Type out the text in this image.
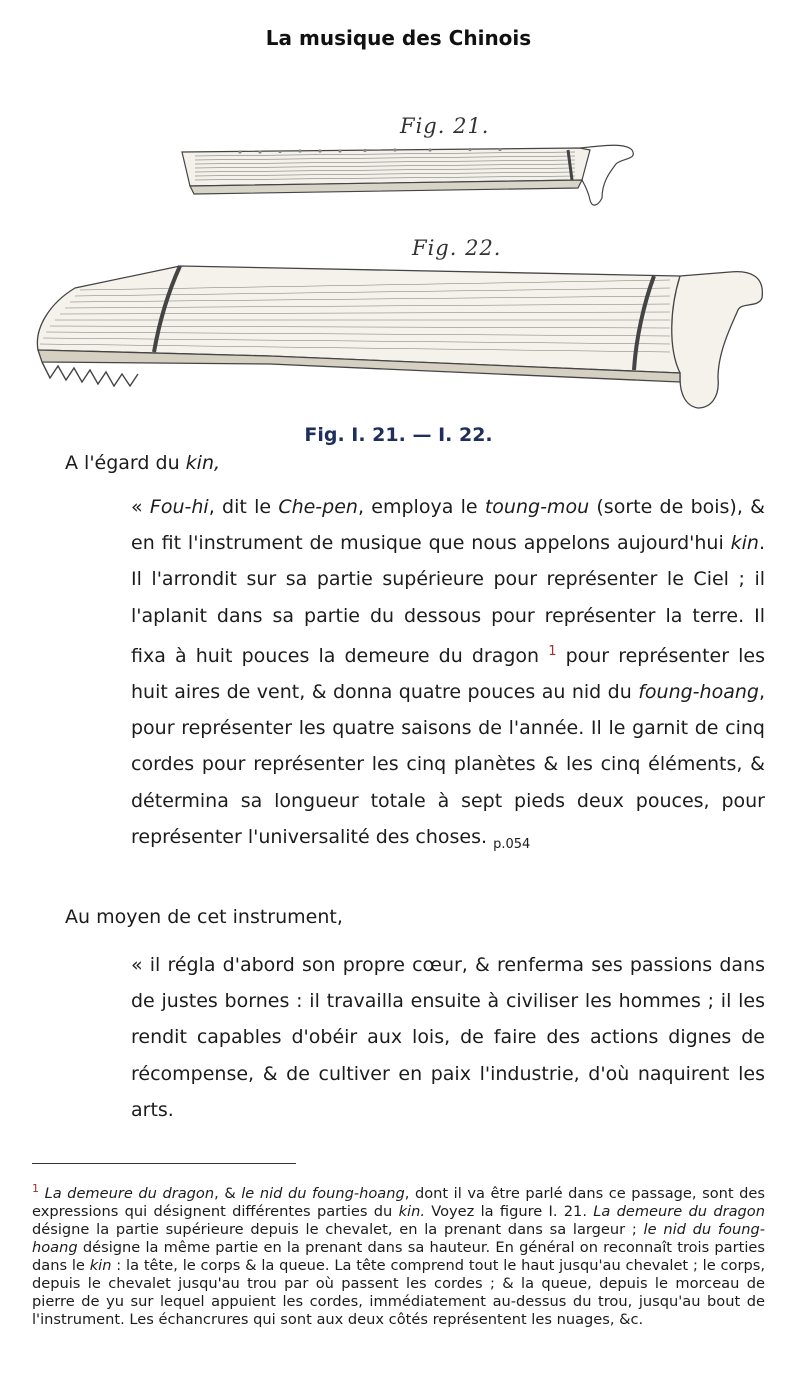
La musique des Chinois
Fig. 21.
Fig. 22.
Fig. I. 21. — I. 22.
A l'égard du kin,
« Fou-hi, dit le Che-pen, employa le toung-mou (sorte de bois), & en fit l'instrument de musique que nous appelons aujourd'hui kin. Il l'arrondit sur sa partie supérieure pour représenter le Ciel ; il l'aplanit dans sa partie du dessous pour représenter la terre. Il fixa à huit pouces la demeure du dragon $^1$ pour représenter les huit aires de vent, & donna quatre pouces au nid du foung-hoang, pour représenter les quatre saisons de l'année. Il le garnit de cinq cordes pour représenter les cinq planètes & les cinq éléments, & détermina sa longueur totale à sept pieds deux pouces, pour représenter l'universalité des choses. $_{p.054}$
Au moyen de cet instrument,
« il régla d'abord son propre cœur, & renferma ses passions dans de justes bornes : il travailla ensuite à civiliser les hommes ; il les rendit capables d'obéir aux lois, de faire des actions dignes de récompense, & de cultiver en paix l'industrie, d'où naquirent les arts.
$^1$ La demeure du dragon, & le nid du foung-hoang, dont il va être parlé dans ce passage, sont des expressions qui désignent différentes parties du kin. Voyez la figure I. 21. La demeure du dragon désigne la partie supérieure depuis le chevalet, en la prenant dans sa largeur ; le nid du foung-hoang désigne la même partie en la prenant dans sa hauteur. En général on reconnaît trois parties dans le kin : la tête, le corps & la queue. La tête comprend tout le haut jusqu'au chevalet ; le corps, depuis le chevalet jusqu'au trou par où passent les cordes ; & la queue, depuis le morceau de pierre de yu sur lequel appuient les cordes, immédiatement au-dessus du trou, jusqu'au bout de l'instrument. Les échancrures qui sont aux deux côtés représentent les nuages, &c.
